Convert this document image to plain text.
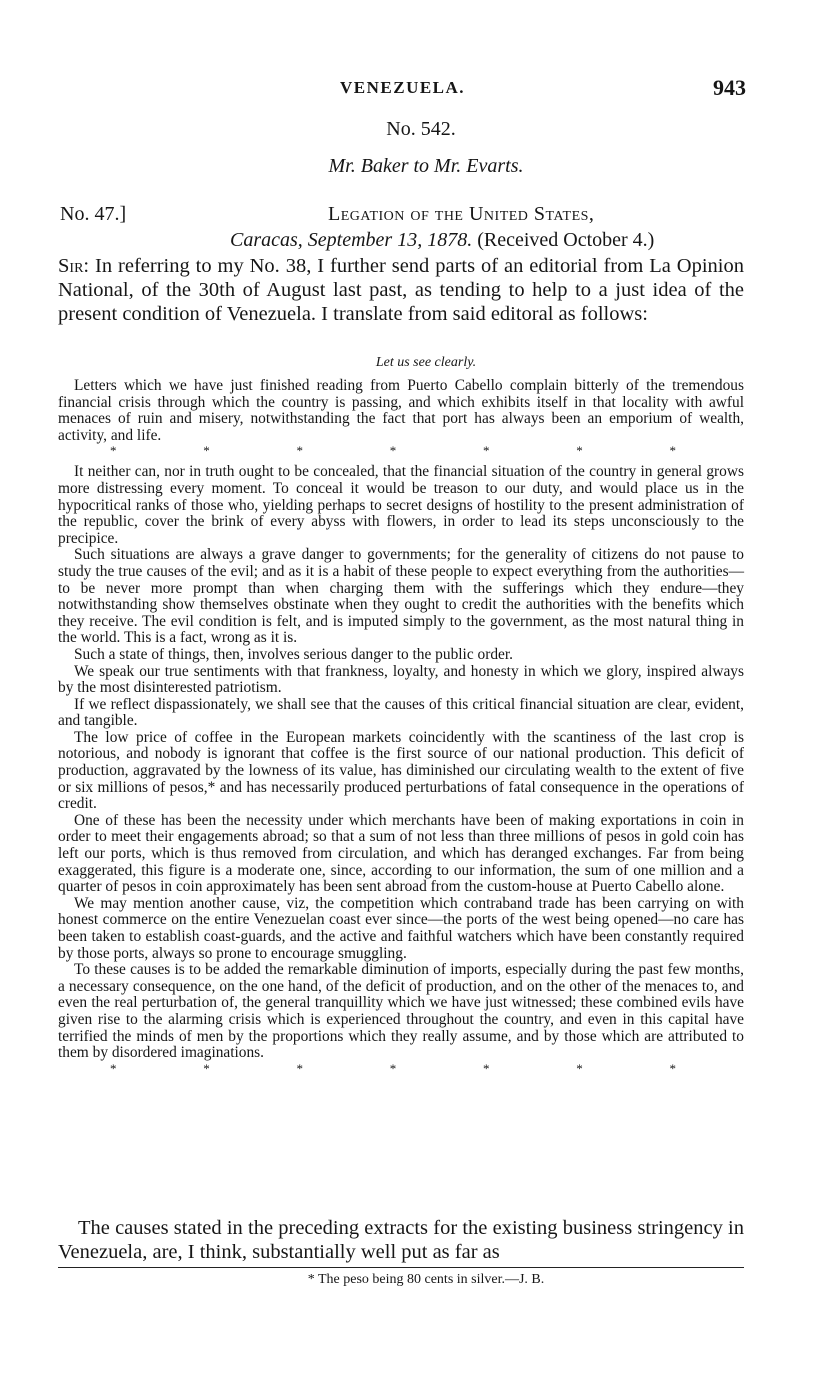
VENEZUELA.	943
No. 542.
Mr. Baker to Mr. Evarts.
No. 47.]	Legation of the United States,
Caracas, September 13, 1878. (Received October 4.)
Sir: In referring to my No. 38, I further send parts of an editorial from La Opinion National, of the 30th of August last past, as tending to help to a just idea of the present condition of Venezuela. I translate from said editoral as follows:
Let us see clearly.

Letters which we have just finished reading from Puerto Cabello complain bitterly of the tremendous financial crisis through which the country is passing, and which exhibits itself in that locality with awful menaces of ruin and misery, notwithstanding the fact that port has always been an emporium of wealth, activity, and life.

*	*	*	*	*	*	*

It neither can, nor in truth ought to be concealed, that the financial situation of the country in general grows more distressing every moment. To conceal it would be treason to our duty, and would place us in the hypocritical ranks of those who, yielding perhaps to secret designs of hostility to the present administration of the republic, cover the brink of every abyss with flowers, in order to lead its steps unconsciously to the precipice.

Such situations are always a grave danger to governments; for the generality of citizens do not pause to study the true causes of the evil; and as it is a habit of these people to expect everything from the authorities—to be never more prompt than when charging them with the sufferings which they endure—they notwithstanding show themselves obstinate when they ought to credit the authorities with the benefits which they receive. The evil condition is felt, and is imputed simply to the government, as the most natural thing in the world. This is a fact, wrong as it is.

Such a state of things, then, involves serious danger to the public order.

We speak our true sentiments with that frankness, loyalty, and honesty in which we glory, inspired always by the most disinterested patriotism.

If we reflect dispassionately, we shall see that the causes of this critical financial situation are clear, evident, and tangible.

The low price of coffee in the European markets coincidently with the scantiness of the last crop is notorious, and nobody is ignorant that coffee is the first source of our national production. This deficit of production, aggravated by the lowness of its value, has diminished our circulating wealth to the extent of five or six millions of pesos,* and has necessarily produced perturbations of fatal consequence in the operations of credit.

One of these has been the necessity under which merchants have been of making exportations in coin in order to meet their engagements abroad; so that a sum of not less than three millions of pesos in gold coin has left our ports, which is thus removed from circulation, and which has deranged exchanges. Far from being exaggerated, this figure is a moderate one, since, according to our information, the sum of one million and a quarter of pesos in coin approximately has been sent abroad from the custom-house at Puerto Cabello alone.

We may mention another cause, viz, the competition which contraband trade has been carrying on with honest commerce on the entire Venezuelan coast ever since—the ports of the west being opened—no care has been taken to establish coast-guards, and the active and faithful watchers which have been constantly required by those ports, always so prone to encourage smuggling.

To these causes is to be added the remarkable diminution of imports, especially during the past few months, a necessary consequence, on the one hand, of the deficit of production, and on the other of the menaces to, and even the real perturbation of, the general tranquillity which we have just witnessed; these combined evils have given rise to the alarming crisis which is experienced throughout the country, and even in this capital have terrified the minds of men by the proportions which they really assume, and by those which are attributed to them by disordered imaginations.

*	*	*	*	*	*	*
The causes stated in the preceding extracts for the existing business stringency in Venezuela, are, I think, substantially well put as far as
* The peso being 80 cents in silver.—J. B.
